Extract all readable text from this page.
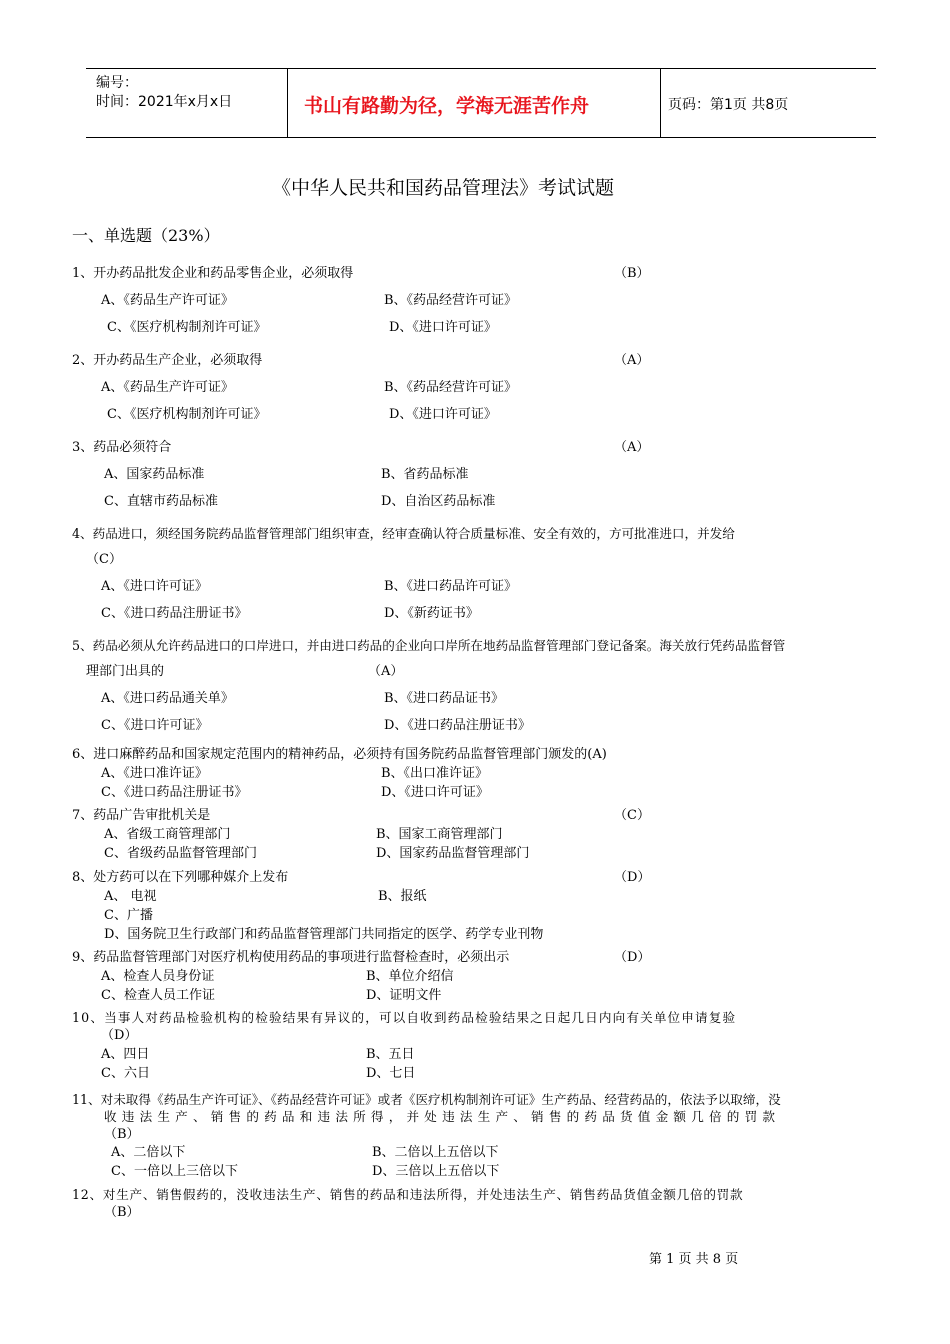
编号：
时间：2021年x月x日	书山有路勤为径，学海无涯苦作舟	页码：第1页 共8页
《中华人民共和国药品管理法》考试试题
一、单选题（23%）
1、开办药品批发企业和药品零售企业，必须取得	（B）
A、《药品生产许可证》	B、《药品经营许可证》
C、《医疗机构制剂许可证》	D、《进口许可证》
2、开办药品生产企业，必须取得	（A）
A、《药品生产许可证》	B、《药品经营许可证》
C、《医疗机构制剂许可证》	D、《进口许可证》
3、药品必须符合	（A）
A、国家药品标准	B、省药品标准
C、直辖市药品标准	D、自治区药品标准
4、药品进口，须经国务院药品监督管理部门组织审查，经审查确认符合质量标准、安全有效的，方可批准进口，并发给
（C）
A、《进口许可证》	B、《进口药品许可证》
C、《进口药品注册证书》	D、《新药证书》
5、药品必须从允许药品进口的口岸进口，并由进口药品的企业向口岸所在地药品监督管理部门登记备案。海关放行凭药品监督管
理部门出具的	（A）
A、《进口药品通关单》	B、《进口药品证书》
C、《进口许可证》	D、《进口药品注册证书》
6、进口麻醉药品和国家规定范围内的精神药品，必须持有国务院药品监督管理部门颁发的(A)
A、《进口准许证》	B、《出口准许证》
C、《进口药品注册证书》	D、《进口许可证》
7、药品广告审批机关是	（C）
A、省级工商管理部门	B、国家工商管理部门
C、省级药品监督管理部门	D、国家药品监督管理部门
8、处方药可以在下列哪种媒介上发布	（D）
A、 电视	B、报纸
C、广播
D、国务院卫生行政部门和药品监督管理部门共同指定的医学、药学专业刊物
9、药品监督管理部门对医疗机构使用药品的事项进行监督检查时，必须出示	（D）
A、检查人员身份证	B、单位介绍信
C、检查人员工作证	D、证明文件
10、当事人对药品检验机构的检验结果有异议的，可以自收到药品检验结果之日起几日内向有关单位申请复验
（D）
A、四日	B、五日
C、六日	D、七日
11、对未取得《药品生产许可证》、《药品经营许可证》或者《医疗机构制剂许可证》生产药品、经营药品的，依法予以取缔，没
收违法生产、销售的药品和违法所得，并处违法生产、销售的药品货值金额几倍的罚款
（B）
A、二倍以下	B、二倍以上五倍以下
C、一倍以上三倍以下	D、三倍以上五倍以下
12、对生产、销售假药的，没收违法生产、销售的药品和违法所得，并处违法生产、销售药品货值金额几倍的罚款
（B）
第 1 页 共 8 页
